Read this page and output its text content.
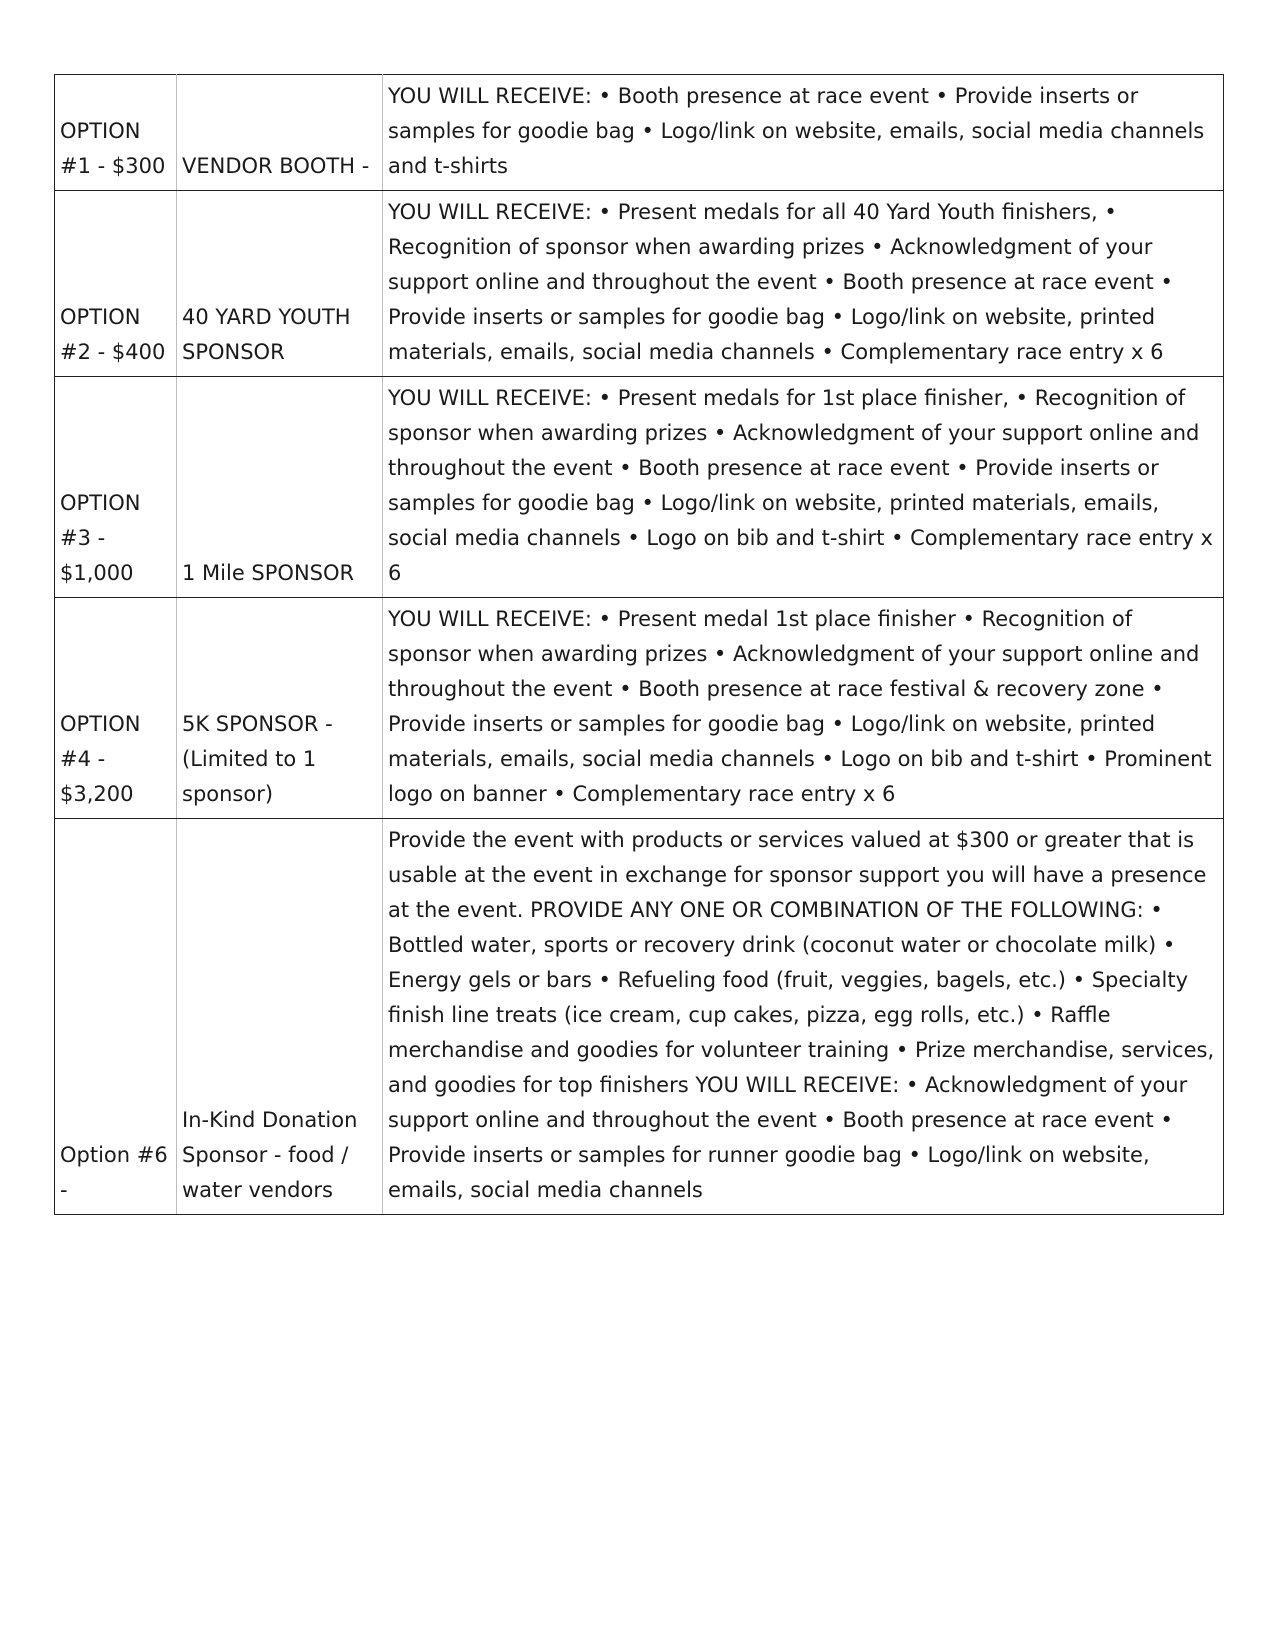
OPTION #1 - $300	VENDOR BOOTH -	YOU WILL RECEIVE: • Booth presence at race event • Provide inserts or samples for goodie bag • Logo/link on website, emails, social media channels and t-shirts
OPTION #2 - $400	40 YARD YOUTH SPONSOR	YOU WILL RECEIVE: • Present medals for all 40 Yard Youth finishers, • Recognition of sponsor when awarding prizes • Acknowledgment of your support online and throughout the event • Booth presence at race event • Provide inserts or samples for goodie bag • Logo/link on website, printed materials, emails, social media channels • Complementary race entry x 6
OPTION #3 - $1,000	1 Mile SPONSOR	YOU WILL RECEIVE: • Present medals for 1st place finisher, • Recognition of sponsor when awarding prizes • Acknowledgment of your support online and throughout the event • Booth presence at race event • Provide inserts or samples for goodie bag • Logo/link on website, printed materials, emails, social media channels • Logo on bib and t-shirt • Complementary race entry x 6
OPTION #4 - $3,200	5K SPONSOR - (Limited to 1 sponsor)	YOU WILL RECEIVE: • Present medal 1st place finisher • Recognition of sponsor when awarding prizes • Acknowledgment of your support online and throughout the event • Booth presence at race festival & recovery zone • Provide inserts or samples for goodie bag • Logo/link on website, printed materials, emails, social media channels • Logo on bib and t-shirt • Prominent logo on banner • Complementary race entry x 6
Option #6 -	In-Kind Donation Sponsor - food / water vendors	Provide the event with products or services valued at $300 or greater that is usable at the event in exchange for sponsor support you will have a presence at the event. PROVIDE ANY ONE OR COMBINATION OF THE FOLLOWING: • Bottled water, sports or recovery drink (coconut water or chocolate milk) • Energy gels or bars • Refueling food (fruit, veggies, bagels, etc.) • Specialty finish line treats (ice cream, cup cakes, pizza, egg rolls, etc.) • Raffle merchandise and goodies for volunteer training • Prize merchandise, services, and goodies for top finishers YOU WILL RECEIVE: • Acknowledgment of your support online and throughout the event • Booth presence at race event • Provide inserts or samples for runner goodie bag • Logo/link on website, emails, social media channels
